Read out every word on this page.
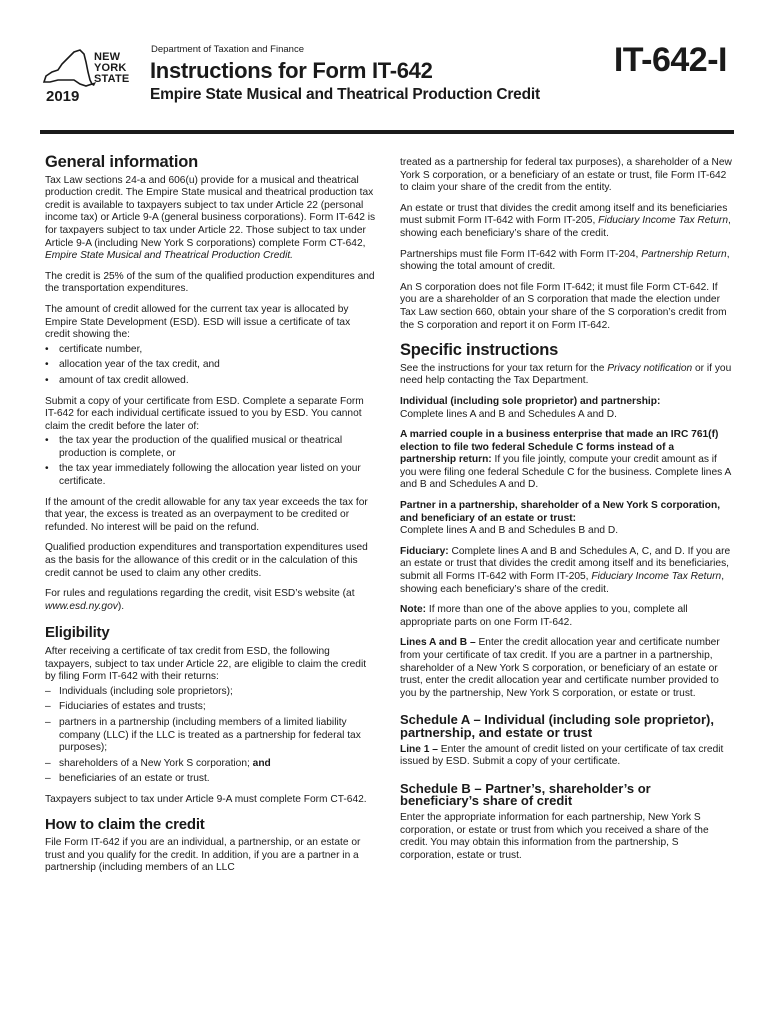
NEW
YORK
STATE
2019
Department of Taxation and Finance
Instructions for Form IT-642
Empire State Musical and Theatrical Production Credit
IT-642-I
General information

Tax Law sections 24-a and 606(u) provide for a musical and theatrical production credit. The Empire State musical and theatrical production tax credit is available to taxpayers subject to tax under Article 22 (personal income tax) or Article 9-A (general business corporations). Form IT-642 is for taxpayers subject to tax under Article 22. Those subject to tax under Article 9-A (including New York S corporations) complete Form CT-642, Empire State Musical and Theatrical Production Credit.

The credit is 25% of the sum of the qualified production expenditures and the transportation expenditures.

The amount of credit allowed for the current tax year is allocated by Empire State Development (ESD). ESD will issue a certificate of tax credit showing the:

• certificate number,
• allocation year of the tax credit, and
• amount of tax credit allowed.

Submit a copy of your certificate from ESD. Complete a separate Form IT-642 for each individual certificate issued to you by ESD. You cannot claim the credit before the later of:

• the tax year the production of the qualified musical or theatrical production is complete, or
• the tax year immediately following the allocation year listed on your certificate.

If the amount of the credit allowable for any tax year exceeds the tax for that year, the excess is treated as an overpayment to be credited or refunded. No interest will be paid on the refund.

Qualified production expenditures and transportation expenditures used as the basis for the allowance of this credit or in the calculation of this credit cannot be used to claim any other credits.

For rules and regulations regarding the credit, visit ESD’s website (at www.esd.ny.gov).

Eligibility

After receiving a certificate of tax credit from ESD, the following taxpayers, subject to tax under Article 22, are eligible to claim the credit by filing Form IT-642 with their returns:

– Individuals (including sole proprietors);
– Fiduciaries of estates and trusts;
– partners in a partnership (including members of a limited liability company (LLC) if the LLC is treated as a partnership for federal tax purposes);
– shareholders of a New York S corporation; and
– beneficiaries of an estate or trust.

Taxpayers subject to tax under Article 9-A must complete Form CT-642.

How to claim the credit

File Form IT-642 if you are an individual, a partnership, or an estate or trust and you qualify for the credit. In addition, if you are a partner in a partnership (including members of an LLC

treated as a partnership for federal tax purposes), a shareholder of a New York S corporation, or a beneficiary of an estate or trust, file Form IT-642 to claim your share of the credit from the entity.

An estate or trust that divides the credit among itself and its beneficiaries must submit Form IT-642 with Form IT-205, Fiduciary Income Tax Return, showing each beneficiary’s share of the credit.

Partnerships must file Form IT-642 with Form IT-204, Partnership Return, showing the total amount of credit.

An S corporation does not file Form IT-642; it must file Form CT-642. If you are a shareholder of an S corporation that made the election under Tax Law section 660, obtain your share of the S corporation’s credit from the S corporation and report it on Form IT-642.

Specific instructions

See the instructions for your tax return for the Privacy notification or if you need help contacting the Tax Department.

Individual (including sole proprietor) and partnership:
Complete lines A and B and Schedules A and D.

A married couple in a business enterprise that made an IRC 761(f) election to file two federal Schedule C forms instead of a partnership return: If you file jointly, compute your credit amount as if you were filing one federal Schedule C for the business. Complete lines A and B and Schedules A and D.

Partner in a partnership, shareholder of a New York S corporation, and beneficiary of an estate or trust:
Complete lines A and B and Schedules B and D.

Fiduciary: Complete lines A and B and Schedules A, C, and D. If you are an estate or trust that divides the credit among itself and its beneficiaries, submit all Forms IT-642 with Form IT-205, Fiduciary Income Tax Return, showing each beneficiary’s share of the credit.

Note: If more than one of the above applies to you, complete all appropriate parts on one Form IT-642.

Lines A and B – Enter the credit allocation year and certificate number from your certificate of tax credit. If you are a partner in a partnership, shareholder of a New York S corporation, or beneficiary of an estate or trust, enter the credit allocation year and certificate number provided to you by the partnership, New York S corporation, or estate or trust.

Schedule A – Individual (including sole proprietor), partnership, and estate or trust

Line 1 – Enter the amount of credit listed on your certificate of tax credit issued by ESD. Submit a copy of your certificate.

Schedule B – Partner’s, shareholder’s or beneficiary’s share of credit

Enter the appropriate information for each partnership, New York S corporation, or estate or trust from which you received a share of the credit. You may obtain this information from the partnership, S corporation, estate or trust.
